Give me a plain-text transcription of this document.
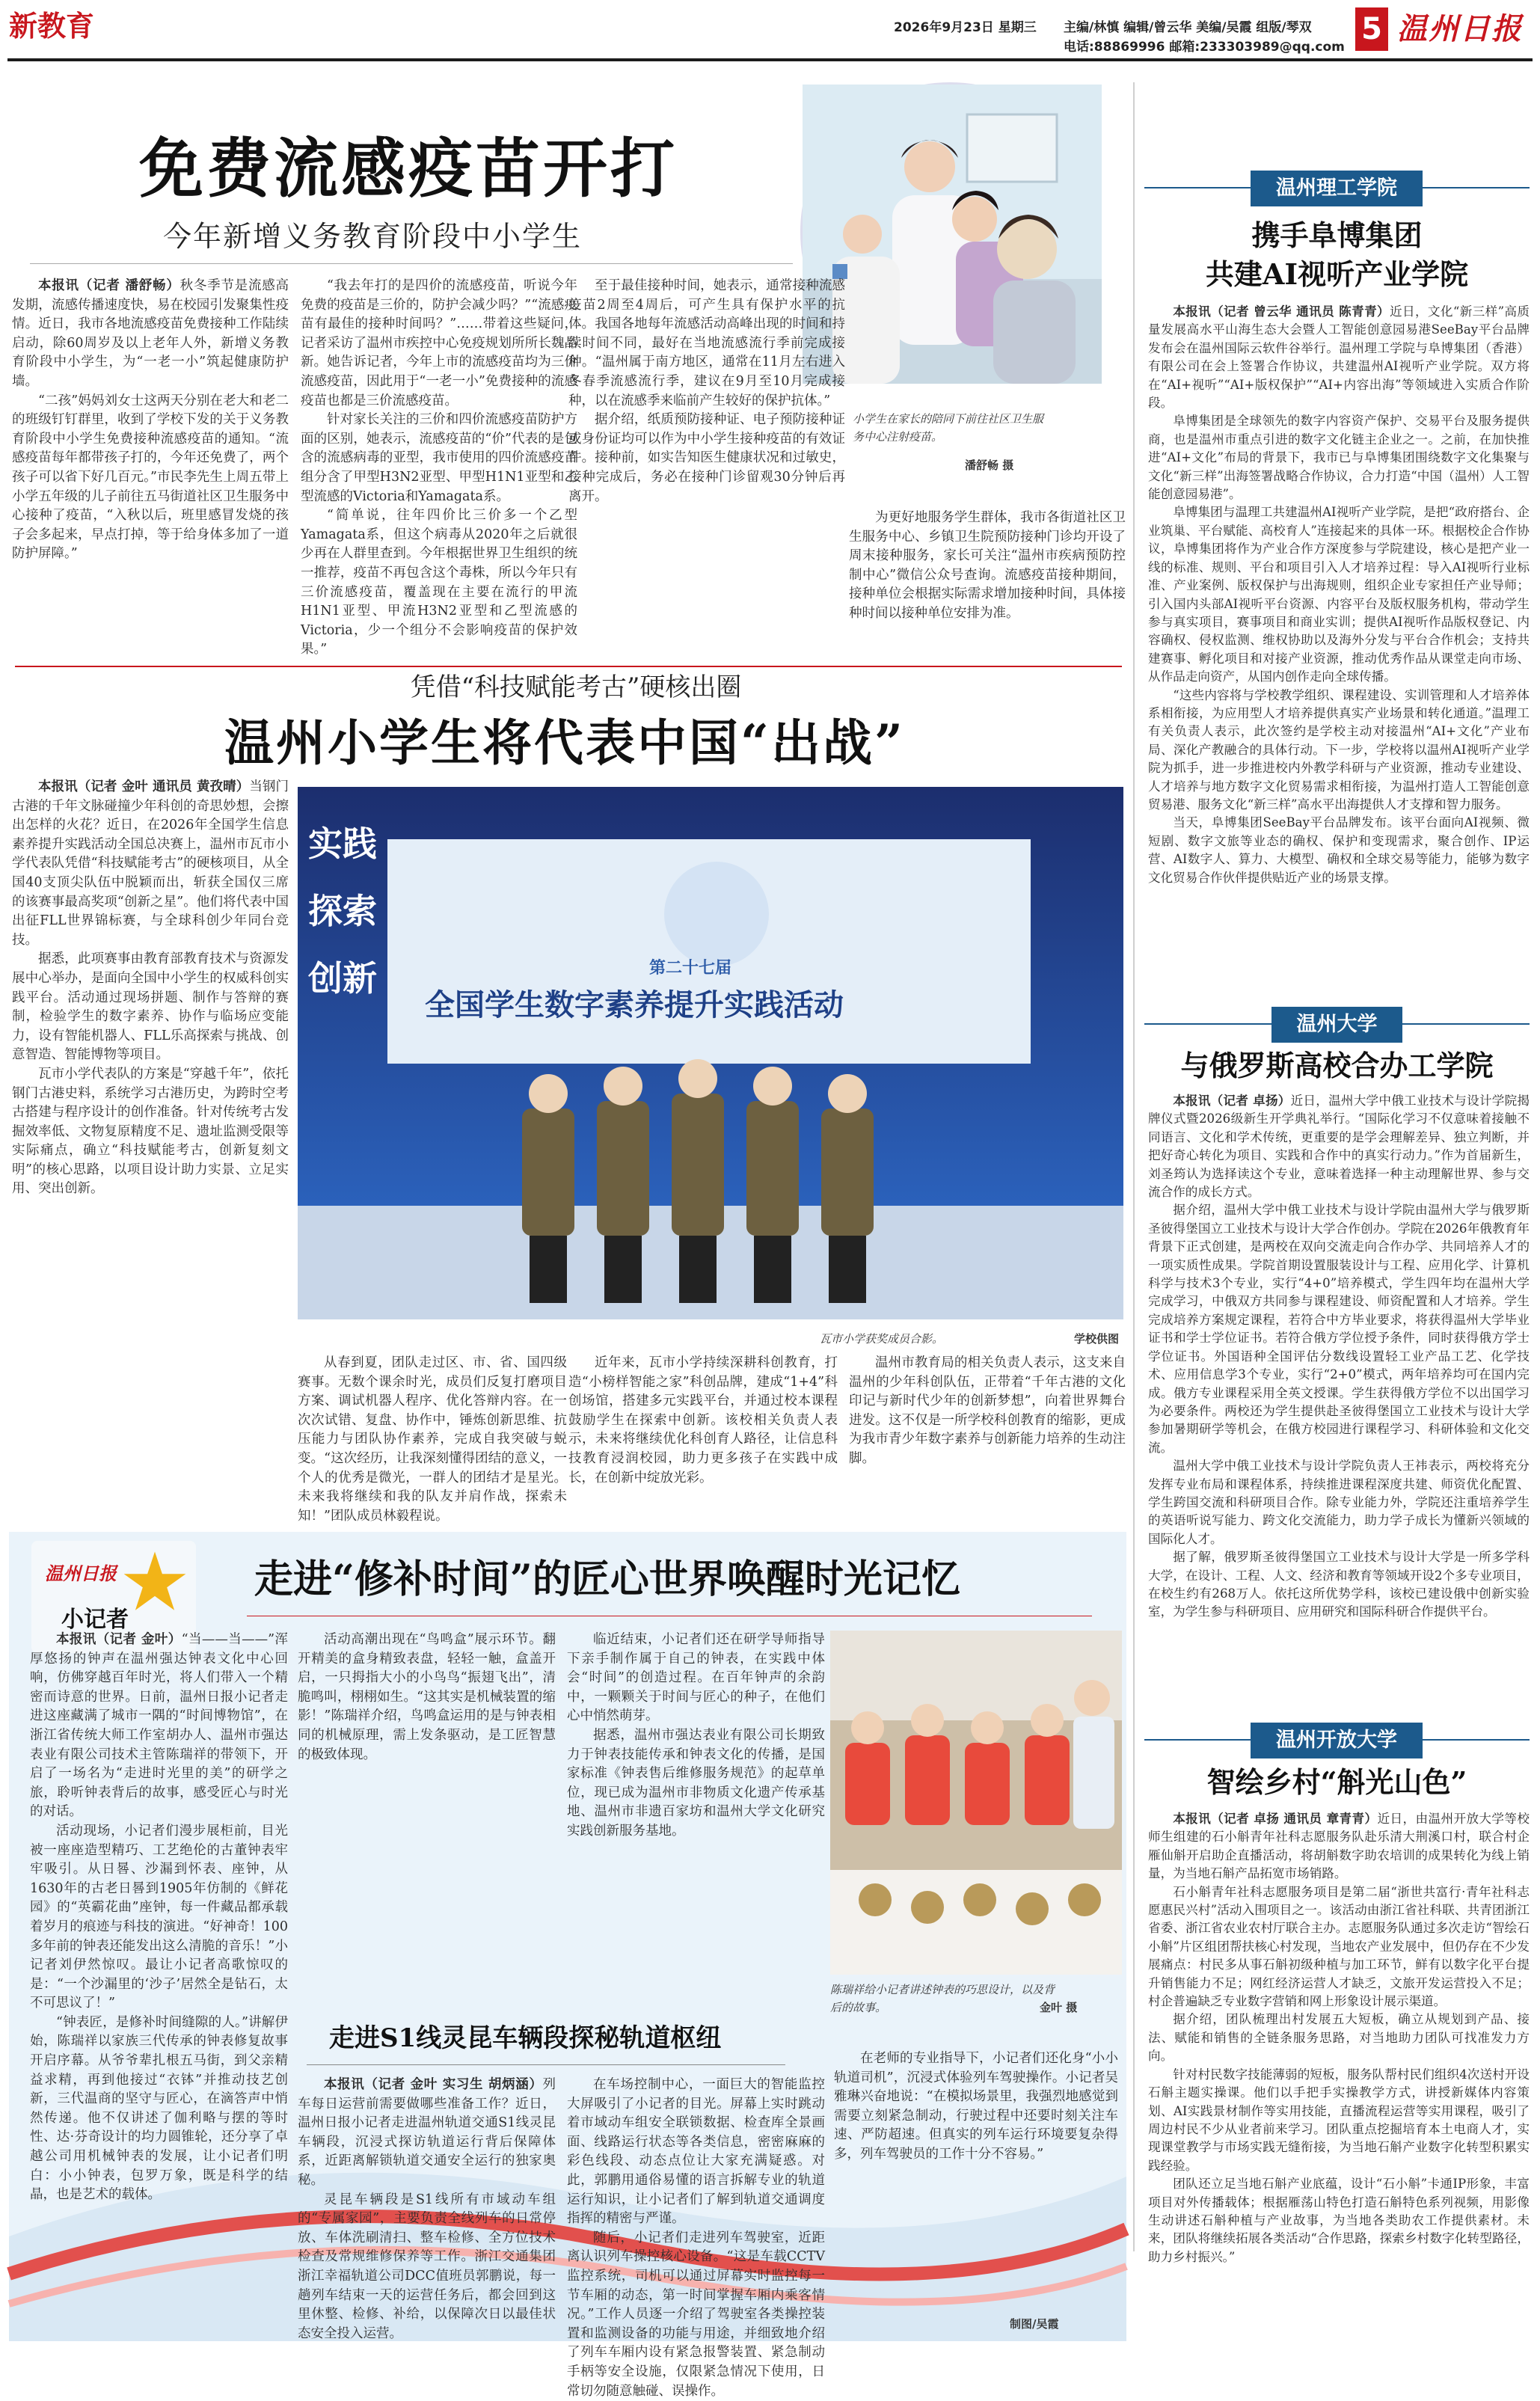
新教育	2026年9月23日 星期三 主编/林慎 编辑/曾云华 美编/吴霞 组版/琴双
电话:88869996 邮箱:233303989@qq.com
5 温州日报
免费流感疫苗开打
今年新增义务教育阶段中小学生
小学生在家长的陪同下前往社区卫生服务中心注射疫苗。
潘舒畅 摄

本报讯（记者 潘舒畅）秋冬季节是流感高发期，流感传播速度快，易在校园引发聚集性疫情。近日，我市各地流感疫苗免费接种工作陆续启动，除60周岁及以上老年人外，新增义务教育阶段中小学生，为“一老一小”筑起健康防护墙。

“二孩”妈妈刘女士这两天分别在老大和老二的班级钉钉群里，收到了学校下发的关于义务教育阶段中小学生免费接种流感疫苗的通知。“流感疫苗每年都带孩子打的，今年还免费了，两个孩子可以省下好几百元。”市民李先生上周五带上小学五年级的儿子前往五马街道社区卫生服务中心接种了疫苗，“入秋以后，班里感冒发烧的孩子会多起来，早点打掉，等于给身体多加了一道防护屏障。”

“我去年打的是四价的流感疫苗，听说今年免费的疫苗是三价的，防护会减少吗？”“流感疫苗有最佳的接种时间吗？”……带着这些疑问，记者采访了温州市疾控中心免疫规划所所长魏晶新。她告诉记者，今年上市的流感疫苗均为三价流感疫苗，因此用于“一老一小”免费接种的流感疫苗也都是三价流感疫苗。

针对家长关注的三价和四价流感疫苗防护方面的区别，她表示，流感疫苗的“价”代表的是包含的流感病毒的亚型，我市使用的四价流感疫苗组分含了甲型H3N2亚型、甲型H1N1亚型和乙型流感的Victoria和Yamagata系。

“简单说，往年四价比三价多一个乙型Yamagata系，但这个病毒从2020年之后就很少再在人群里查到。今年根据世界卫生组织的统一推荐，疫苗不再包含这个毒株，所以今年只有三价流感疫苗，覆盖现在主要在流行的甲流H1N1亚型、甲流H3N2亚型和乙型流感的Victoria，少一个组分不会影响疫苗的保护效果。”

至于最佳接种时间，她表示，通常接种流感疫苗2周至4周后，可产生具有保护水平的抗体。我国各地每年流感活动高峰出现的时间和持续时间不同，最好在当地流感流行季前完成接种。“温州属于南方地区，通常在11月左右进入冬春季流感流行季，建议在9月至10月完成接种，以在流感季来临前产生较好的保护抗体。”

据介绍，纸质预防接种证、电子预防接种证或身份证均可以作为中小学生接种疫苗的有效证件。接种前，如实告知医生健康状况和过敏史，接种完成后，务必在接种门诊留观30分钟后再离开。

为更好地服务学生群体，我市各街道社区卫生服务中心、乡镇卫生院预防接种门诊均开设了周末接种服务，家长可关注“温州市疾病预防控制中心”微信公众号查询。流感疫苗接种期间，接种单位会根据实际需求增加接种时间，具体接种时间以接种单位安排为准。

凭借“科技赋能考古”硬核出圈
温州小学生将代表中国“出战”
第二十七届
全国学生数字素养提升实践活动
实践
探索
创新
瓦市小学获奖成员合影。	学校供图

本报讯（记者 金叶 通讯员 黄孜晴）当钢门古港的千年文脉碰撞少年科创的奇思妙想，会擦出怎样的火花？近日，在2026年全国学生信息素养提升实践活动全国总决赛上，温州市瓦市小学代表队凭借“科技赋能考古”的硬核项目，从全国40支顶尖队伍中脱颖而出，斩获全国仅三席的该赛事最高奖项“创新之星”。他们将代表中国出征FLL世界锦标赛，与全球科创少年同台竞技。

据悉，此项赛事由教育部教育技术与资源发展中心举办，是面向全国中小学生的权威科创实践平台。活动通过现场拼题、制作与答辩的赛制，检验学生的数字素养、协作与临场应变能力，设有智能机器人、FLL乐高探索与挑战、创意智造、智能博物等项目。

瓦市小学代表队的方案是“穿越千年”，依托钢门古港史料，系统学习古港历史，为跨时空考古搭建与程序设计的创作准备。针对传统考古发掘效率低、文物复原精度不足、遗址监测受限等实际痛点，确立“科技赋能考古，创新复刻文明”的核心思路，以项目设计助力实景、立足实用、突出创新。

从春到夏，团队走过区、市、省、国四级赛事。无数个课余时光，成员们反复打磨项目方案、调试机器人程序、优化答辩内容。在一次次试错、复盘、协作中，锤炼创新思维、抗压能力与团队协作素养，完成自我突破与蜕变。“这次经历，让我深刻懂得团结的意义，一个人的优秀是微光，一群人的团结才是星光。未来我将继续和我的队友并肩作战，探索未知！”团队成员林毅程说。

近年来，瓦市小学持续深耕科创教育，打造“小榜样智能之家”科创品牌，建成“1+4”科创场馆，搭建多元实践平台，并通过校本课程鼓励学生在探索中创新。该校相关负责人表示，未来将继续优化科创育人路径，让信息科技教育浸润校园，助力更多孩子在实践中成长，在创新中绽放光彩。

温州市教育局的相关负责人表示，这支来自温州的少年科创队伍，正带着“千年古港的文化印记与新时代少年的创新梦想”，向着世界舞台进发。这不仅是一所学校科创教育的缩影，更成为我市青少年数字素养与创新能力培养的生动注脚。

温州日报
小记者
走进“修补时间”的匠心世界唤醒时光记忆

本报讯（记者 金叶）“当——当——”浑厚悠扬的钟声在温州强达钟表文化中心回响，仿佛穿越百年时光，将人们带入一个精密而诗意的世界。日前，温州日报小记者走进这座藏满了城市一隅的“时间博物馆”，在浙江省传统大师工作室胡办人、温州市强达表业有限公司技术主管陈瑞祥的带领下，开启了一场名为“走进时光里的美”的研学之旅，聆听钟表背后的故事，感受匠心与时光的对话。

活动现场，小记者们漫步展柜前，目光被一座座造型精巧、工艺绝伦的古董钟表牢牢吸引。从日晷、沙漏到怀表、座钟，从1630年的古老日晷到1905年仿制的《鲜花园》的“英霸花曲”座钟，每一件藏品都承载着岁月的痕迹与科技的演进。“好神奇！100多年前的钟表还能发出这么清脆的音乐！”小记者刘伊然惊叹。最让小记者高歌惊叹的是：“一个沙漏里的‘沙子’居然全是钻石，太不可思议了！”

“钟表匠，是修补时间缝隙的人。”讲解伊始，陈瑞祥以家族三代传承的钟表修复故事开启序幕。从爷爷辈扎根五马街，到父亲精益求精，再到他接过“衣钵”并推动技艺创新，三代温商的坚守与匠心，在滴答声中悄然传递。他不仅讲述了伽利略与摆的等时性、达·芬奇设计的均力圆锥轮，还分享了卓越公司用机械钟表的发展，让小记者们明白：小小钟表，包罗万象，既是科学的结晶，也是艺术的载体。

活动高潮出现在“鸟鸣盒”展示环节。翻开精美的盒身精致表盘，轻轻一触，盒盖开启，一只拇指大小的小鸟鸟“振翅飞出”，清脆鸣叫，栩栩如生。“这其实是机械装置的缩影！”陈瑞祥介绍，鸟鸣盒运用的是与钟表相同的机械原理，需上发条驱动，是工匠智慧的极致体现。

临近结束，小记者们还在研学导师指导下亲手制作属于自己的钟表，在实践中体会“时间”的创造过程。在百年钟声的余韵中，一颗颗关于时间与匠心的种子，在他们心中悄然萌芽。

据悉，温州市强达表业有限公司长期致力于钟表技能传承和钟表文化的传播，是国家标准《钟表售后维修服务规范》的起草单位，现已成为温州市非物质文化遗产传承基地、温州市非遗百家坊和温州大学文化研究实践创新服务基地。

陈瑞祥给小记者讲述钟表的巧思设计，以及背后的故事。	金叶 摄
走进S1线灵昆车辆段探秘轨道枢纽

本报讯（记者 金叶 实习生 胡炳涵）列车每日运营前需要做哪些准备工作？近日，温州日报小记者走进温州轨道交通S1线灵昆车辆段，沉浸式探访轨道运行背后保障体系，近距离解锁轨道交通安全运行的独家奥秘。

灵昆车辆段是S1线所有市域动车组的“专属家园”，主要负责全线列车的日常停放、车体洗刷清扫、整车检修、全方位技术检查及常规维修保养等工作。浙江交通集团浙江幸福轨道公司DCC值班员郭鹏说，每一趟列车结束一天的运营任务后，都会回到这里休整、检修、补给，以保障次日以最佳状态安全投入运营。

在车场控制中心，一面巨大的智能监控大屏吸引了小记者的目光。屏幕上实时跳动着市域动车组安全联锁数据、检查库全景画面、线路运行状态等各类信息，密密麻麻的彩色线段、动态点位让大家充满疑惑。对此，郭鹏用通俗易懂的语言拆解专业的轨道运行知识，让小记者们了解到轨道交通调度指挥的精密与严谨。

随后，小记者们走进列车驾驶室，近距离认识列车操控核心设备。“这是车载CCTV监控系统，司机可以通过屏幕实时监控每一节车厢的动态，第一时间掌握车厢内乘客情况。”工作人员逐一介绍了驾驶室各类操控装置和监测设备的功能与用途，并细致地介绍了列车车厢内设有紧急报警装置、紧急制动手柄等安全设施，仅限紧急情况下使用，日常切勿随意触碰、误操作。

在老师的专业指导下，小记者们还化身“小小轨道司机”，沉浸式体验列车驾驶操作。小记者吴雅琳兴奋地说：“在模拟场景里，我强烈地感觉到需要立刻紧急制动，行驶过程中还要时刻关注车速、严防超速。但真实的列车运行环境要复杂得多，列车驾驶员的工作十分不容易。”

制图/吴霞
温州理工学院
携手阜博集团
共建AI视听产业学院

本报讯（记者 曾云华 通讯员 陈青青）近日，文化“新三样”高质量发展高水平山海生态大会暨人工智能创意园易港SeeBay平台品牌发布会在温州国际云软件谷举行。温州理工学院与阜博集团（香港）有限公司在会上签署合作协议，共建温州AI视听产业学院。双方将在“AI+视听”“AI+版权保护”“AI+内容出海”等领域进入实质合作阶段。

阜博集团是全球领先的数字内容资产保护、交易平台及服务提供商，也是温州市重点引进的数字文化链主企业之一。之前，在加快推进“AI+文化”布局的背景下，我市已与阜博集团围绕数字文化集聚与文化“新三样”出海签署战略合作协议，合力打造“中国（温州）人工智能创意园易港”。

阜博集团与温理工共建温州AI视听产业学院，是把“政府搭台、企业筑巢、平台赋能、高校育人”连接起来的具体一环。根据校企合作协议，阜博集团将作为产业合作方深度参与学院建设，核心是把产业一线的标准、规则、平台和项目引入人才培养过程：导入AI视听行业标准、产业案例、版权保护与出海规则，组织企业专家担任产业导师；引入国内头部AI视听平台资源、内容平台及版权服务机构，带动学生参与真实项目，赛事项目和商业实训；提供AI视听作品版权登记、内容确权、侵权监测、维权协助以及海外分发与平台合作机会；支持共建赛事、孵化项目和对接产业资源，推动优秀作品从课堂走向市场、从作品走向资产，从国内创作走向全球传播。

“这些内容将与学校教学组织、课程建设、实训管理和人才培养体系相衔接，为应用型人才培养提供真实产业场景和转化通道。”温理工有关负责人表示，此次签约是学校主动对接温州“AI+文化”产业布局、深化产教融合的具体行动。下一步，学校将以温州AI视听产业学院为抓手，进一步推进校内外教学科研与产业资源，推动专业建设、人才培养与地方数字文化贸易需求相衔接，为温州打造人工智能创意贸易港、服务文化“新三样”高水平出海提供人才支撑和智力服务。

当天，阜博集团SeeBay平台品牌发布。该平台面向AI视频、微短剧、数字文旅等业态的确权、保护和变现需求，聚合创作、IP运营、AI数字人、算力、大模型、确权和全球交易等能力，能够为数字文化贸易合作伙伴提供贴近产业的场景支撑。

温州大学
与俄罗斯高校合办工学院

本报讯（记者 卓扬）近日，温州大学中俄工业技术与设计学院揭牌仪式暨2026级新生开学典礼举行。“国际化学习不仅意味着接触不同语言、文化和学术传统，更重要的是学会理解差异、独立判断，并把好奇心转化为项目、实践和合作中的真实行动力。”作为首届新生，刘圣筠认为选择读这个专业，意味着选择一种主动理解世界、参与交流合作的成长方式。

据介绍，温州大学中俄工业技术与设计学院由温州大学与俄罗斯圣彼得堡国立工业技术与设计大学合作创办。学院在2026年俄教育年背景下正式创建，是两校在双向交流走向合作办学、共同培养人才的一项实质性成果。学院首期设置服装设计与工程、应用化学、计算机科学与技术3个专业，实行“4+0”培养模式，学生四年均在温州大学完成学习，中俄双方共同参与课程建设、师资配置和人才培养。学生完成培养方案规定课程，若符合中方毕业要求，将获得温州大学毕业证书和学士学位证书。若符合俄方学位授予条件，同时获得俄方学士学位证书。外国语种全国评估分数线设置轻工业产品工艺、化学技术、应用信息学3个专业，实行“2+0”模式，两年培养均可在国内完成。俄方专业课程采用全英文授课。学生获得俄方学位不以出国学习为必要条件。两校还为学生提供赴圣彼得堡国立工业技术与设计大学参加暑期研学等机会，在俄方校园进行课程学习、科研体验和文化交流。

温州大学中俄工业技术与设计学院负责人王祎表示，两校将充分发挥专业布局和课程体系，持续推进课程深度共建、师资优化配置、学生跨国交流和科研项目合作。除专业能力外，学院还注重培养学生的英语听说写能力、跨文化交流能力，助力学子成长为懂新兴领域的国际化人才。

据了解，俄罗斯圣彼得堡国立工业技术与设计大学是一所多学科大学，在设计、工程、人文、经济和教育等领域开设2个多专业项目，在校生约有268万人。依托这所优势学科，该校已建设俄中创新实验室，为学生参与科研项目、应用研究和国际科研合作提供平台。

温州开放大学
智绘乡村“斛光山色”

本报讯（记者 卓扬 通讯员 章青青）近日，由温州开放大学等校师生组建的石小斛青年社科志愿服务队赴乐清大荆溪口村，联合村企雁仙斛开启助企直播活动，将胡斛数字助农培训的成果转化为线上销量，为当地石斛产品拓宽市场销路。

石小斛青年社科志愿服务项目是第二届“浙世共富行·青年社科志愿惠民兴村”活动入围项目之一。该活动由浙江省社科联、共青团浙江省委、浙江省农业农村厅联合主办。志愿服务队通过多次走访“智绘石小斛”片区组团帮扶核心村发现，当地农产业发展中，但仍存在不少发展痛点：村民多从事石斛初级种植与加工环节，鲜有以数字化平台提升销售能力不足；网红经济运营人才缺乏，文旅开发运营投入不足；村企普遍缺乏专业数字营销和网上形象设计展示渠道。

据介绍，团队梳理出村发展五大短板，确立从规划到产品、接法、赋能和销售的全链条服务思路，对当地助力团队可找准发力方向。

针对村民数字技能薄弱的短板，服务队帮村民们组织4次送村开设石斛主题实操课。他们以手把手实操教学方式，讲授新媒体内容策划、AI实践景材制作等实用技能，直播流程运营等实用课程，吸引了周边村民不少从业者前来学习。团队重点挖掘培育本土电商人才，实现课堂教学与市场实践无缝衔接，为当地石斛产业数字化转型积累实践经验。

团队还立足当地石斛产业底蕴，设计“石小斛”卡通IP形象，丰富项目对外传播载体；根据雁荡山特色打造石斛特色系列视频，用影像生动讲述石斛种植与产业故事，为当地各类助农工作提供素材。未来，团队将继续拓展各类活动“合作思路，探索乡村数字化转型路径，助力乡村振兴。”
